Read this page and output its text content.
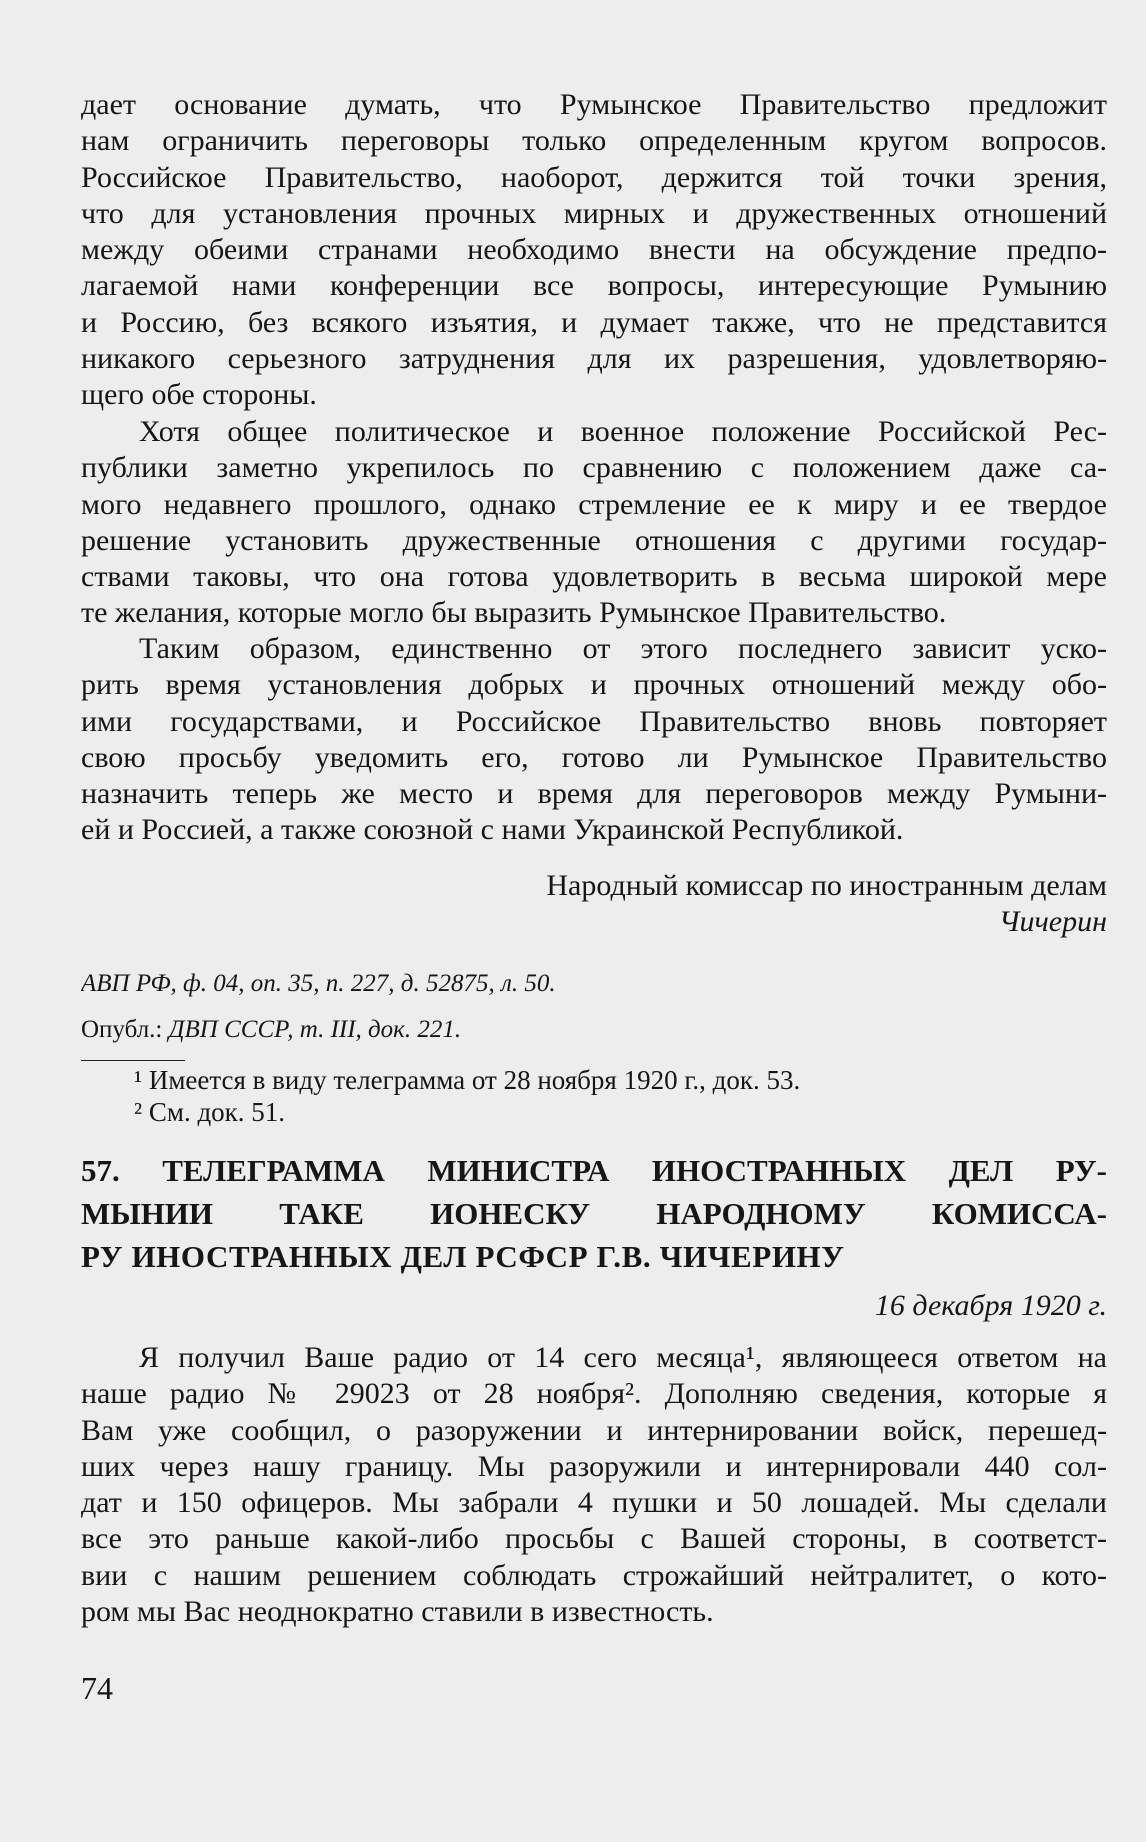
дает основание думать, что Румынское Правительство предложит
нам ограничить переговоры только определенным кругом вопросов.
Российское Правительство, наоборот, держится той точки зрения,
что для установления прочных мирных и дружественных отношений
между обеими странами необходимо внести на обсуждение предпо-
лагаемой нами конференции все вопросы, интересующие Румынию
и Россию, без всякого изъятия, и думает также, что не представится
никакого серьезного затруднения для их разрешения, удовлетворяю-
щего обе стороны.
Хотя общее политическое и военное положение Российской Рес-
публики заметно укрепилось по сравнению с положением даже са-
мого недавнего прошлого, однако стремление ее к миру и ее твердое
решение установить дружественные отношения с другими государ-
ствами таковы, что она готова удовлетворить в весьма широкой мере
те желания, которые могло бы выразить Румынское Правительство.
Таким образом, единственно от этого последнего зависит уско-
рить время установления добрых и прочных отношений между обо-
ими государствами, и Российское Правительство вновь повторяет
свою просьбу уведомить его, готово ли Румынское Правительство
назначить теперь же место и время для переговоров между Румыни-
ей и Россией, а также союзной с нами Украинской Республикой.
Народный комиссар по иностранным делам
Чичерин
АВП РФ, ф. 04, оп. 35, п. 227, д. 52875, л. 50.
Опубл.: ДВП СССР, т. III, док. 221.
¹ Имеется в виду телеграмма от 28 ноября 1920 г., док. 53.
² См. док. 51.
57. ТЕЛЕГРАММА МИНИСТРА ИНОСТРАННЫХ ДЕЛ РУ-
МЫНИИ ТАКЕ ИОНЕСКУ НАРОДНОМУ КОМИССА-
РУ ИНОСТРАННЫХ ДЕЛ РСФСР Г.В. ЧИЧЕРИНУ
16 декабря 1920 г.
Я получил Ваше радио от 14 сего месяца¹, являющееся ответом на
наше радио № 29023 от 28 ноября². Дополняю сведения, которые я
Вам уже сообщил, о разоружении и интернировании войск, перешед-
ших через нашу границу. Мы разоружили и интернировали 440 сол-
дат и 150 офицеров. Мы забрали 4 пушки и 50 лошадей. Мы сделали
все это раньше какой-либо просьбы с Вашей стороны, в соответст-
вии с нашим решением соблюдать строжайший нейтралитет, о кото-
ром мы Вас неоднократно ставили в известность.
74
